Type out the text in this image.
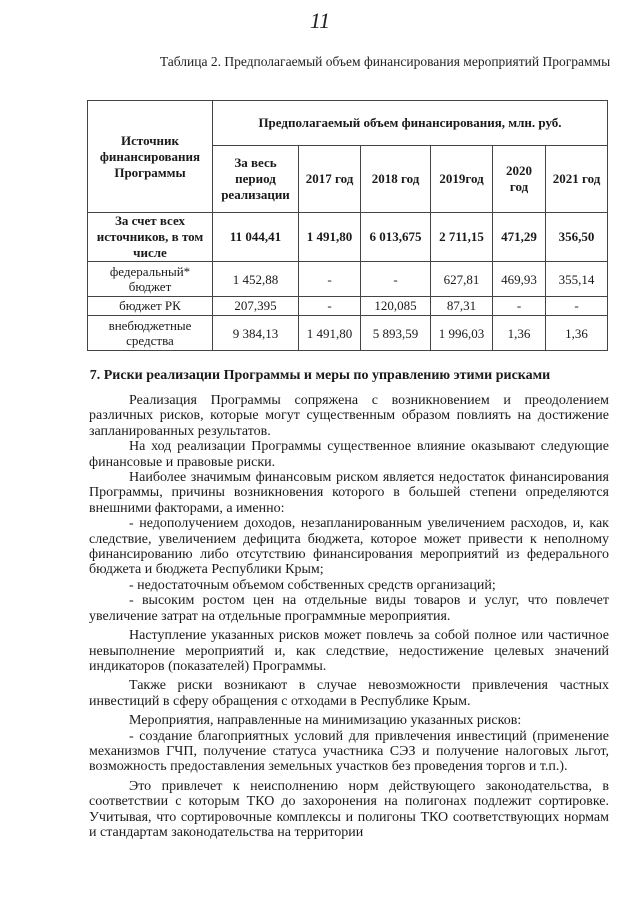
11
Таблица 2. Предполагаемый объем финансирования мероприятий Программы
Источник финансирования Программы	Предполагаемый объем финансирования, млн. руб.					
	За весь период реализации	2017 год	2018 год	2019год	2020 год	2021 год
За счет всех источников, в том числе	11 044,41	1 491,80	6 013,675	2 711,15	471,29	356,50
федеральный* бюджет	1 452,88	-	-	627,81	469,93	355,14
бюджет РК	207,395	-	120,085	87,31	-	-
внебюджетные средства	9 384,13	1 491,80	5 893,59	1 996,03	1,36	1,36
7. Риски реализации Программы и меры по управлению этими рисками

Реализация Программы сопряжена с возникновением и преодолением различных рисков, которые могут существенным образом повлиять на достижение запланированных результатов.

На ход реализации Программы существенное влияние оказывают следующие финансовые и правовые риски.

Наиболее значимым финансовым риском является недостаток финансирования Программы, причины возникновения которого в большей степени определяются внешними факторами, а именно:

- недополучением доходов, незапланированным увеличением расходов, и, как следствие, увеличением дефицита бюджета, которое может привести к неполному финансированию либо отсутствию финансирования мероприятий из федерального бюджета и бюджета Республики Крым;

- недостаточным объемом собственных средств организаций;

- высоким ростом цен на отдельные виды товаров и услуг, что повлечет увеличение затрат на отдельные программные мероприятия.

Наступление указанных рисков может повлечь за собой полное или частичное невыполнение мероприятий и, как следствие, недостижение целевых значений индикаторов (показателей) Программы.

Также риски возникают в случае невозможности привлечения частных инвестиций в сферу обращения с отходами в Республике Крым.

Мероприятия, направленные на минимизацию указанных рисков:

- создание благоприятных условий для привлечения инвестиций (применение механизмов ГЧП, получение статуса участника СЭЗ и получение налоговых льгот, возможность предоставления земельных участков без проведения торгов и т.п.).

Это привлечет к неисполнению норм действующего законодательства, в соответствии с которым ТКО до захоронения на полигонах подлежит сортировке. Учитывая, что сортировочные комплексы и полигоны ТКО соответствующих нормам и стандартам законодательства на территории
